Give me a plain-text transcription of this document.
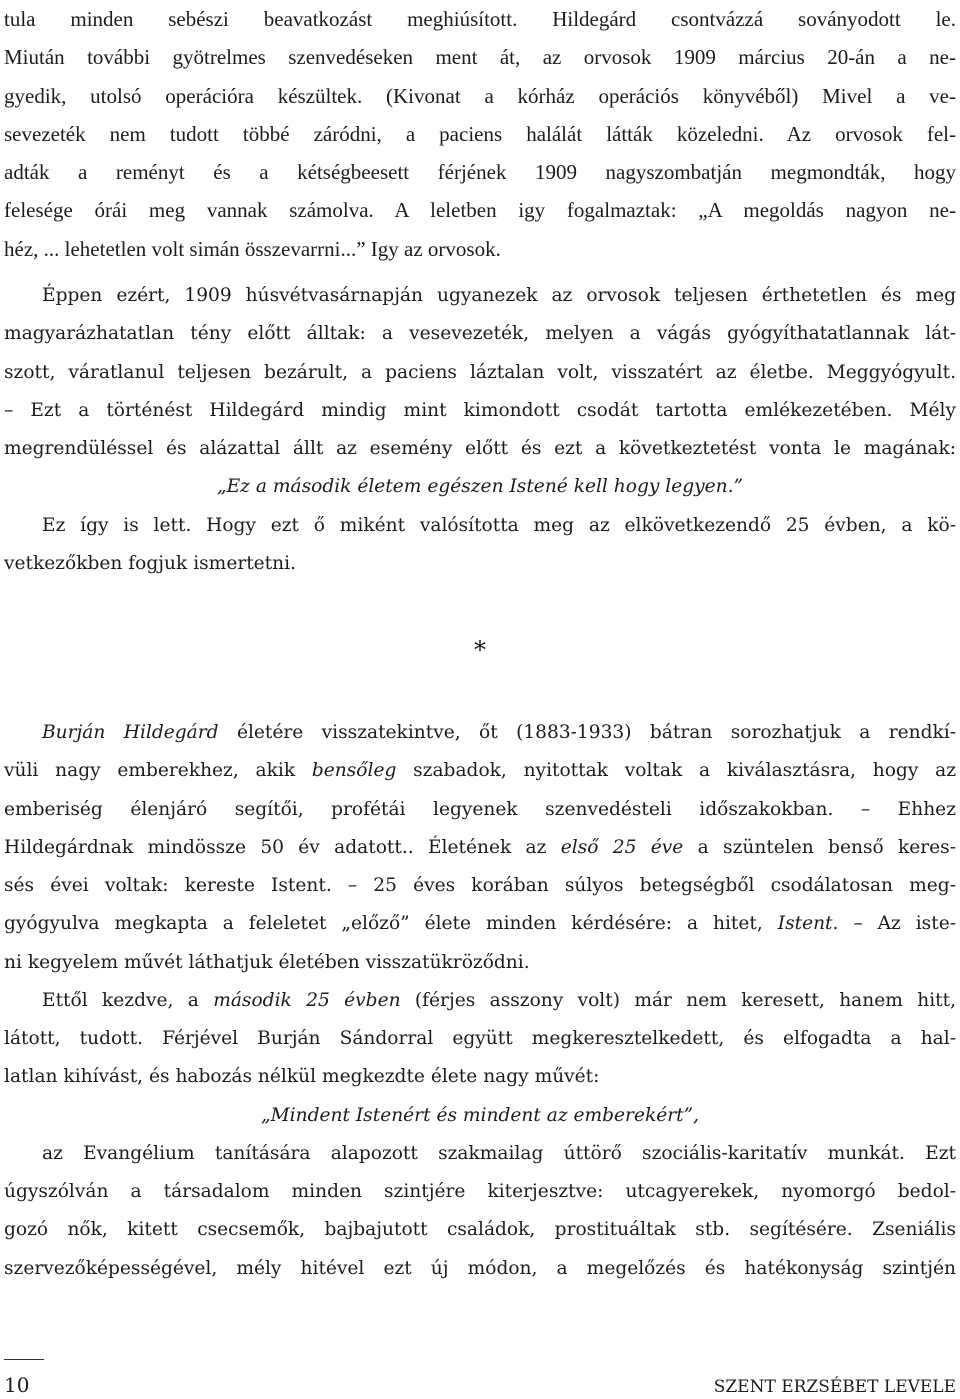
tula minden sebészi beavatkozást meghiúsított. Hildegárd csontvázzá soványodott le.
Miután további gyötrelmes szenvedéseken ment át, az orvosok 1909 március 20-án a ne-
gyedik, utolsó operációra készültek. (Kivonat a kórház operációs könyvéből) Mivel a ve-
sevezeték nem tudott többé záródni, a paciens halálát látták közeledni. Az orvosok fel-
adták a reményt és a kétségbeesett férjének 1909 nagyszombatján megmondták, hogy
felesége órái meg vannak számolva. A leletben igy fogalmaztak: „A megoldás nagyon ne-
héz, ... lehetetlen volt simán összevarrni...” Igy az orvosok.
Éppen ezért, 1909 húsvétvasárnapján ugyanezek az orvosok teljesen érthetetlen és meg
magyarázhatatlan tény előtt álltak: a vesevezeték, melyen a vágás gyógyíthatatlannak lát-
szott, váratlanul teljesen bezárult, a paciens láztalan volt, visszatért az életbe. Meggyógyult.
– Ezt a történést Hildegárd mindig mint kimondott csodát tartotta emlékezetében. Mély
megrendüléssel és alázattal állt az esemény előtt és ezt a következtetést vonta le magának:
„Ez a második életem egészen Istené kell hogy legyen.”
Ez így is lett. Hogy ezt ő miként valósította meg az elkövetkezendő 25 évben, a kö-
vetkezőkben fogjuk ismertetni.
*
Burján Hildegárd életére visszatekintve, őt (1883-1933) bátran sorozhatjuk a rendkí-
vüli nagy emberekhez, akik bensőleg szabadok, nyitottak voltak a kiválasztásra, hogy az
emberiség élenjáró segítői, profétái legyenek szenvedésteli időszakokban. – Ehhez
Hildegárdnak mindössze 50 év adatott.. Életének az első 25 éve a szüntelen benső keres-
sés évei voltak: kereste Istent. – 25 éves korában súlyos betegségből csodálatosan meg-
gyógyulva megkapta a feleletet „előző” élete minden kérdésére: a hitet, Istent. – Az iste-
ni kegyelem művét láthatjuk életében visszatükröződni.
Ettől kezdve, a második 25 évben (férjes asszony volt) már nem keresett, hanem hitt,
látott, tudott. Férjével Burján Sándorral együtt megkeresztelkedett, és elfogadta a hal-
latlan kihívást, és habozás nélkül megkezdte élete nagy művét:
„Mindent Istenért és mindent az emberekért”,
az Evangélium tanítására alapozott szakmailag úttörő szociális-karitatív munkát. Ezt
úgyszólván a társadalom minden szintjére kiterjesztve: utcagyerekek, nyomorgó bedol-
gozó nők, kitett csecsemők, bajbajutott családok, prostituáltak stb. segítésére. Zseniális
szervezőképességével, mély hitével ezt új módon, a megelőzés és hatékonyság szintjén
10	SZENT ERZSÉBET LEVELE
